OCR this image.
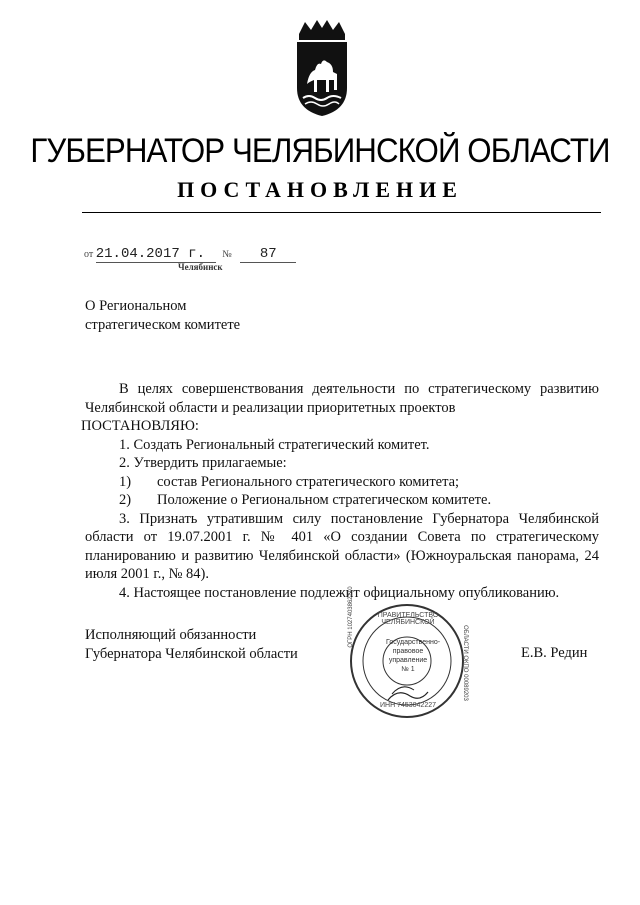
ГУБЕРНАТОР ЧЕЛЯБИНСКОЙ ОБЛАСТИ
ПОСТАНОВЛЕНИЕ
от 21.04.2017 г. № 87
Челябинск
О Региональном
стратегическом комитете

В целях совершенствования деятельности по стратегическому развитию Челябинской области и реализации приоритетных проектов

ПОСТАНОВЛЯЮ:

1. Создать Региональный стратегический комитет.

2. Утвердить прилагаемые:

1)	состав Регионального стратегического комитета;
2)	Положение о Региональном стратегическом комитете.

3. Признать утратившим силу постановление Губернатора Челябинской области от 19.07.2001 г. № 401 «О создании Совета по стратегическому планированию и развитию Челябинской области» (Южноуральская панорама, 24 июля 2001 г., № 84).

4. Настоящее постановление подлежит официальному опубликованию.

Исполняющий обязанности
Губернатора Челябинской области
ПРАВИТЕЛЬСТВО ЧЕЛЯБИНСКОЙ
ОГРН 1027403862210
ОБЛАСТИ ОКПО 00089203
ИНН 7453042227
Государственно-
правовое
управление
№ 1
Е.В. Редин
